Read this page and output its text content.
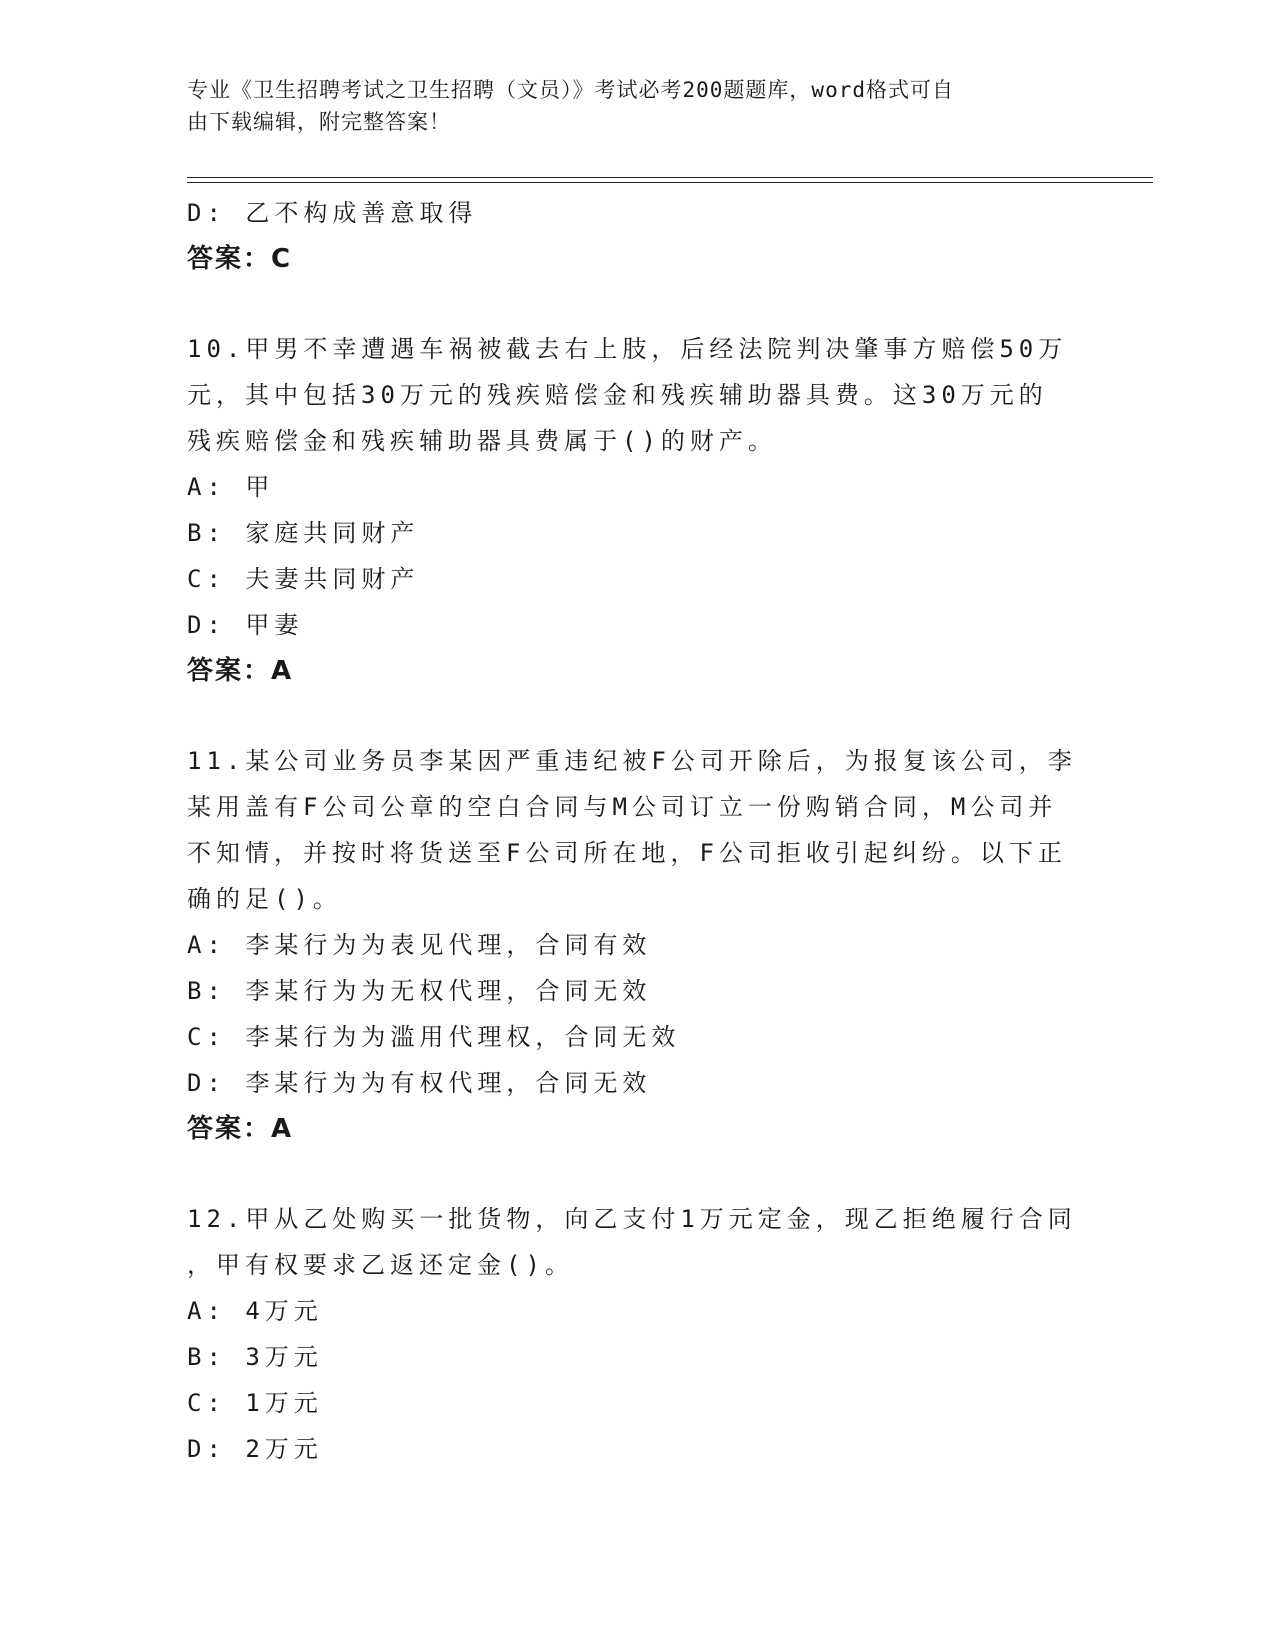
专业《卫生招聘考试之卫生招聘（文员）》考试必考200题题库，word格式可自
由下载编辑，附完整答案！
D: 乙不构成善意取得
答案：C
10.甲男不幸遭遇车祸被截去右上肢，后经法院判决肇事方赔偿50万
元，其中包括30万元的残疾赔偿金和残疾辅助器具费。这30万元的
残疾赔偿金和残疾辅助器具费属于()的财产。
A: 甲
B: 家庭共同财产
C: 夫妻共同财产
D: 甲妻
答案：A
11.某公司业务员李某因严重违纪被F公司开除后，为报复该公司，李
某用盖有F公司公章的空白合同与M公司订立一份购销合同，M公司并
不知情，并按时将货送至F公司所在地，F公司拒收引起纠纷。以下正
确的足()。
A: 李某行为为表见代理，合同有效
B: 李某行为为无权代理，合同无效
C: 李某行为为滥用代理权，合同无效
D: 李某行为为有权代理，合同无效
答案：A
12.甲从乙处购买一批货物，向乙支付1万元定金，现乙拒绝履行合同
，甲有权要求乙返还定金()。
A: 4万元
B: 3万元
C: 1万元
D: 2万元
